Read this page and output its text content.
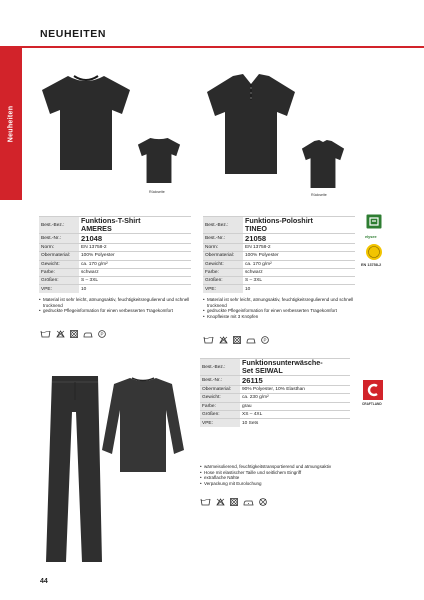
NEUHEITEN
Neuheiten
Rückseite
Rückseite
elysee
EN 13758-2
Best.-Bez.:	Funktions-T-Shirt
AMERES

Best.-Nr.:	21048
Norm:	EN 13758-2
Obermaterial:	100% Polyester
Gewicht:	ca. 170 g/m²
Farbe:	schwarz
Größen:	S – 3XL
VPE:	10
• Material ist sehr leicht, atmungsaktiv, feuchtigkeitsregulierend und schnell trocknend
• gedruckte Pflegeinformation für einen verbesserten Tragekomfort
P
Best.-Bez.:	Funktions-Poloshirt
TINEO

Best.-Nr.:	21058
Norm:	EN 13758-2
Obermaterial:	100% Polyester
Gewicht:	ca. 170 g/m²
Farbe:	schwarz
Größen:	S – 3XL
VPE:	10
• Material ist sehr leicht, atmungsaktiv, feuchtigkeitsregulierend und schnell trocknend
• gedruckte Pflegeinformation für einen verbesserten Tragekomfort
• Knopfleiste mit 3 Knöpfen
P
Best.-Bez.:	Funktionsunterwäsche-
Set SEIWAL

Best.-Nr.:	26115
Obermaterial:	90% Polyester, 10% Elasthan
Gewicht:	ca. 230 g/m²
Farbe:	grau
Größen:	XS – 4XL
VPE:	10 Sets
CRAFTLAND
• wärmeisolierend, feuchtigkeitstransportierend und atmungsaktiv
• Hose mit elastischer Taille und seitlichem Eingriff
• extraflache Nähte
• Verpackung mit Eurolochung
44
